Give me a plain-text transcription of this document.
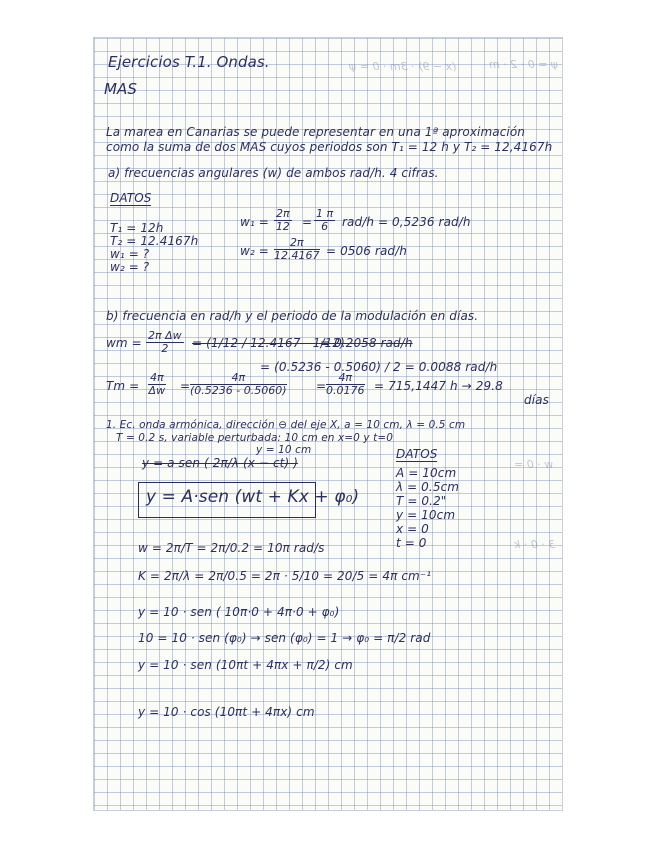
(x − 9) · 3m · 0 = ψ	ψ = 0 · 2 · m
w · 0 =
3 · 0 · k
Ejercicios T.1. Ondas.
MAS
La marea en Canarias se puede representar en una 1ª aproximación
como la suma de dos MAS cuyos periodos son T₁ = 12 h y T₂ = 12,4167h
a) frecuencias angulares (w) de ambos rad/h. 4 cifras.
DATOS
T₁ = 12h
T₂ = 12.4167h
w₁ = ?
w₂ = ?
$w_1 = \frac{2\pi}{12} = \frac{1 \pi}{6} rad/h = 0,5236$ rad/h
$w_2 = \frac{2\pi}{12.4167} = 0506$ rad/h
b) frecuencia en rad/h y el periodo de la modulación en días.
wm = $\frac{\text{2π Δw}}{2} = (1/12 / 12.4167 - 1/12)$
= 0.2058 rad/h
= (0.5236 - 0.5060) / 2 = 0.0088 rad/h
$Tm = \frac{4\pi}{\Delta w} = \frac{4\pi}{(0.5236 - 0.5060)} = \frac{4\pi}{0.0176} = 715,1447$ h → 29.8
días
1. Ec. onda armónica, dirección ⊖ del eje X, a = 10 cm, λ = 0.5 cm
T = 0.2 s, variable perturbada: 10 cm en x=0 y t=0
y = 10 cm
y = a sen ( 2π/λ (x − ct) )
y = A·sen (wt + Kx + φ₀)
DATOS
A = 10cm
λ = 0.5cm
T = 0.2"
y = 10cm
x = 0
t = 0
w = 2π/T = 2π/0.2 = 10π rad/s
K = 2π/λ = 2π/0.5 = 2π · 5/10 = 20/5 = 4π cm⁻¹
y = 10 · sen ( 10π·0 + 4π·0 + φ₀)
10 = 10 · sen (φ₀) → sen (φ₀) = 1 → φ₀ = π/2 rad
y = 10 · sen (10πt + 4πx + π/2) cm
y = 10 · cos (10πt + 4πx) cm
